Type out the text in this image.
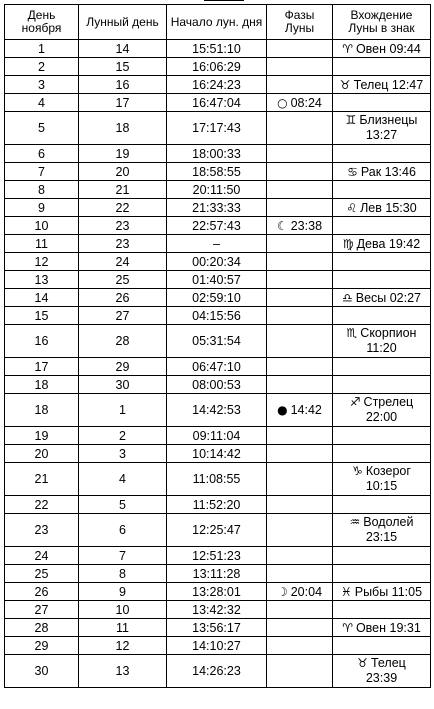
День ноября	Лунный день	Начало лун. дня	Фазы Луны	Вхождение Луны в знак
1	14	15:51:10		♈ Овен 09:44
2	15	16:06:29		
3	16	16:24:23		♉ Телец 12:47
4	17	16:47:04	○ 08:24	
5	18	17:17:43		♊ Близнецы
13:27
6	19	18:00:33		
7	20	18:58:55		♋ Рак 13:46
8	21	20:11:50		
9	22	21:33:33		♌ Лев 15:30
10	23	22:57:43	☾ 23:38	
11	23	–		♍ Дева 19:42
12	24	00:20:34		
13	25	01:40:57		
14	26	02:59:10		♎ Весы 02:27
15	27	04:15:56		
16	28	05:31:54		♏ Скорпион
11:20
17	29	06:47:10		
18	30	08:00:53		
18	1	14:42:53	● 14:42	♐ Стрелец
22:00
19	2	09:11:04		
20	3	10:14:42		
21	4	11:08:55		♑ Козерог
10:15
22	5	11:52:20		
23	6	12:25:47		♒ Водолей
23:15
24	7	12:51:23		
25	8	13:11:28		
26	9	13:28:01	☽ 20:04	♓ Рыбы 11:05
27	10	13:42:32		
28	11	13:56:17		♈ Овен 19:31
29	12	14:10:27		
30	13	14:26:23		♉ Телец
23:39
